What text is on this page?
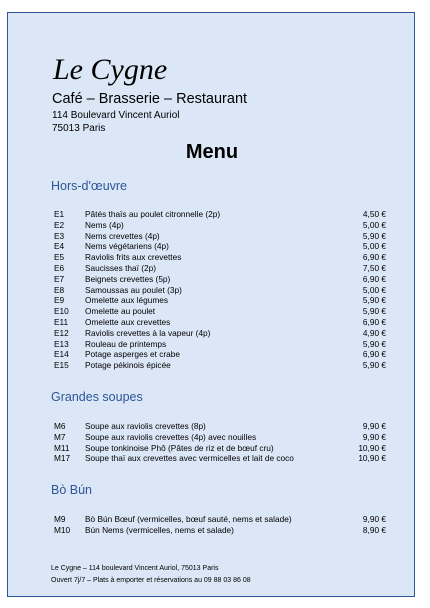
Le Cygne
Café – Brasserie – Restaurant
114 Boulevard Vincent Auriol
75013 Paris
Menu
Hors-d'œuvre
E1	Pâtés thaïs au poulet citronnelle (2p)	4,50 €
E2	Nems (4p)	5,00 €
E3	Nems crevettes (4p)	5,90 €
E4	Nems végétariens (4p)	5,00 €
E5	Raviolis frits aux crevettes	6,90 €
E6	Saucisses thaï (2p)	7,50 €
E7	Beignets crevettes (5p)	6,90 €
E8	Samoussas au poulet (3p)	5,00 €
E9	Omelette aux légumes	5,90 €
E10 Omelette au poulet	5,90 €
E11 Omelette aux crevettes	6,90 €
E12 Raviolis crevettes à la vapeur (4p)	4,90 €
E13 Rouleau de printemps	5,90 €
E14 Potage asperges et crabe	6,90 €
E15 Potage pékinois épicée	5,90 €
Grandes soupes
M6 Soupe aux raviolis crevettes (8p)	9,90 €
M7 Soupe aux raviolis crevettes (4p) avec nouilles	9,90 €
M11 Soupe tonkinoise Phô (Pâtes de riz et de bœuf cru)	10,90 €
M17 Soupe thaï aux crevettes avec vermicelles et lait de coco	10,90 €
Bò Bún
M9 Bò Bún Bœuf (vermicelles, bœuf sauté, nems et salade)	9,90 €
M10 Bún Nems (vermicelles, nems et salade)	8,90 €
Le Cygne – 114 boulevard Vincent Auriol, 75013 Paris
Ouvert 7j/7 – Plats à emporter et réservations au 09 88 03 86 08
